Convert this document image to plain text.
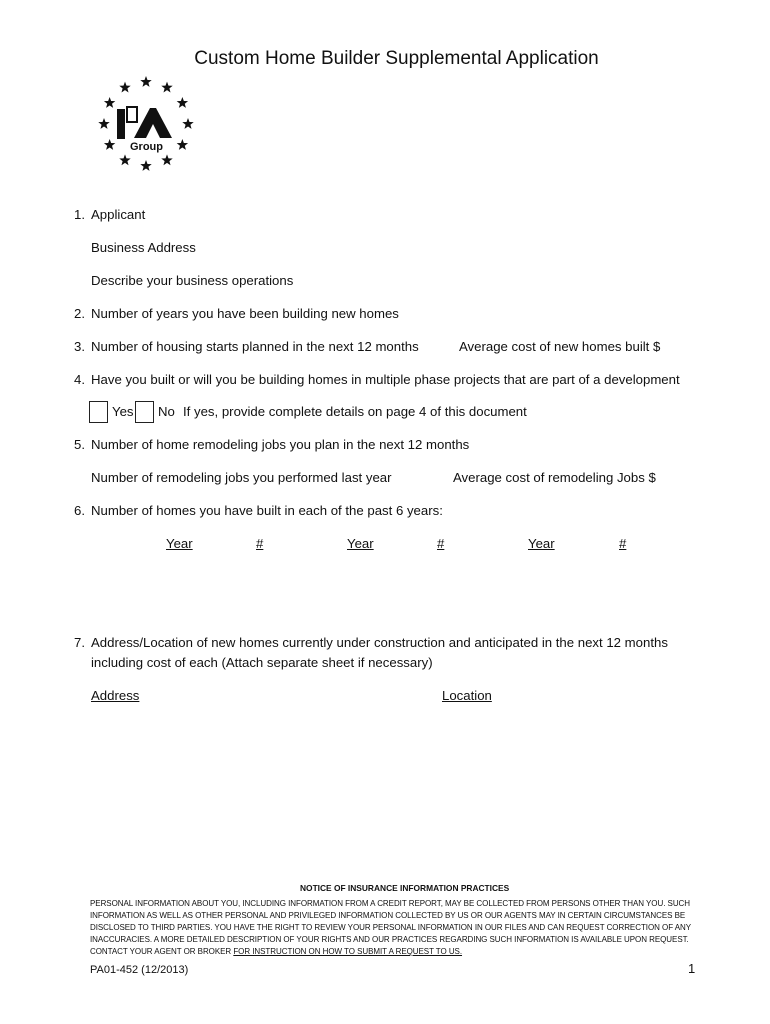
Custom Home Builder Supplemental Application
Group
1. Applicant
Business Address
Describe your business operations
2. Number of years you have been building new homes
3. Number of housing starts planned in the next 12 months	Average cost of new homes built $
4. Have you built or will you be building homes in multiple phase projects that are part of a development
Yes No If yes, provide complete details on page 4 of this document
5. Number of home remodeling jobs you plan in the next 12 months
Number of remodeling jobs you performed last year	Average cost of remodeling Jobs $
6. Number of homes you have built in each of the past 6 years:
Year	#	Year	#	Year	#
7. Address/Location of new homes currently under construction and anticipated in the next 12 months
including cost of each (Attach separate sheet if necessary)
Address	Location
NOTICE OF INSURANCE INFORMATION PRACTICES
PERSONAL INFORMATION ABOUT YOU, INCLUDING INFORMATION FROM A CREDIT REPORT, MAY BE COLLECTED FROM PERSONS OTHER THAN YOU. SUCH
INFORMATION AS WELL AS OTHER PERSONAL AND PRIVILEGED INFORMATION COLLECTED BY US OR OUR AGENTS MAY IN CERTAIN CIRCUMSTANCES BE
DISCLOSED TO THIRD PARTIES. YOU HAVE THE RIGHT TO REVIEW YOUR PERSONAL INFORMATION IN OUR FILES AND CAN REQUEST CORRECTION OF ANY
INACCURACIES. A MORE DETAILED DESCRIPTION OF YOUR RIGHTS AND OUR PRACTICES REGARDING SUCH INFORMATION IS AVAILABLE UPON REQUEST.
CONTACT YOUR AGENT OR BROKER FOR INSTRUCTION ON HOW TO SUBMIT A REQUEST TO US.
PA01-452 (12/2013)	1
